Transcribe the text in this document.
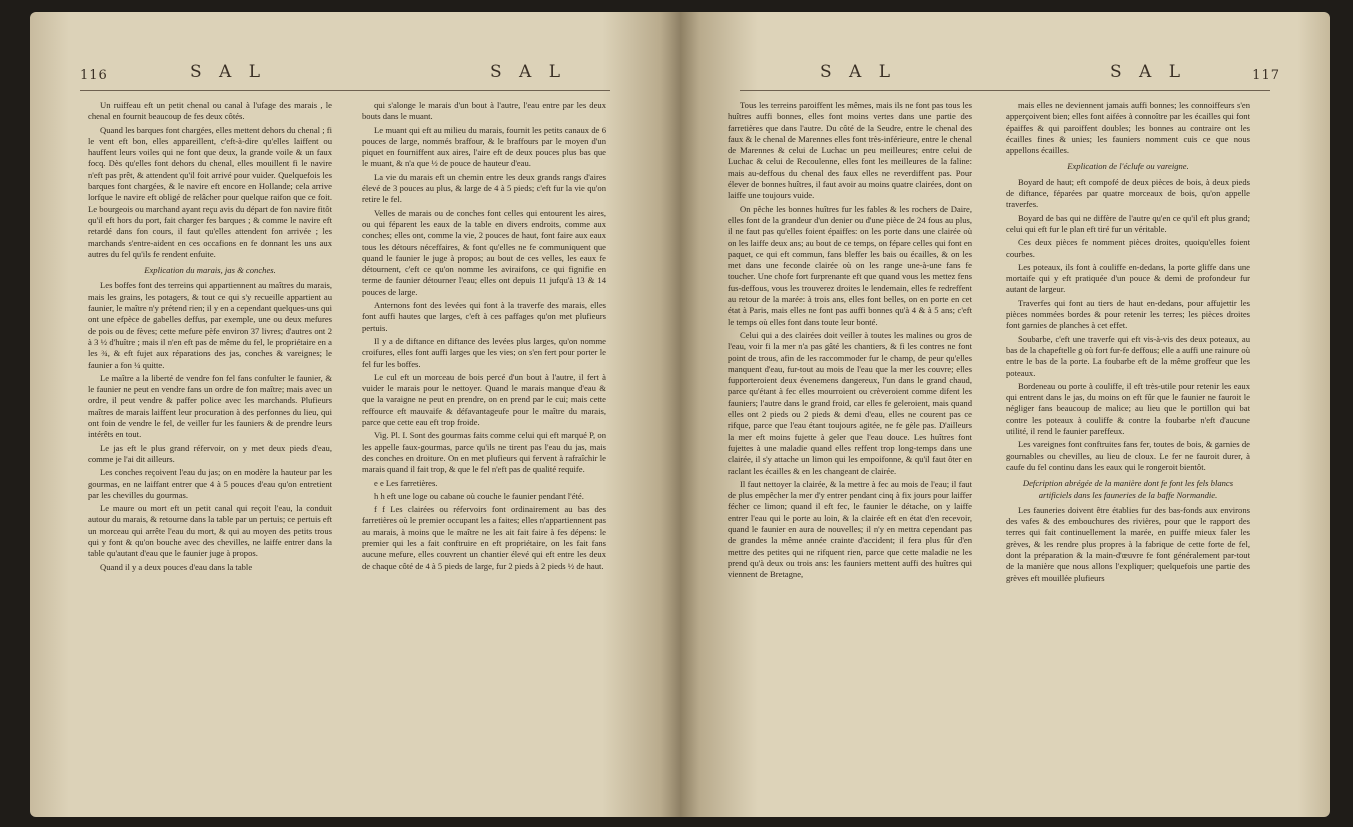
116	S A L	S A L

Un ruiffeau eft un petit chenal ou canal à l'ufage des marais , le chenal en fournit beaucoup de fes deux côtés.

Quand les barques font chargées, elles mettent dehors du chenal ; fi le vent eft bon, elles appareillent, c'eft-à-dire qu'elles laiffent ou hauffent leurs voiles qui ne font que deux, la grande voile & un faux focq. Dès qu'elles font dehors du chenal, elles mouillent fi le navire n'eft pas prêt, & attendent qu'il foit arrivé pour vuider. Quelquefois les barques font chargées, & le navire eft encore en Hollande; cela arrive lorfque le navire eft obligé de relâcher pour quelque raifon que ce foit. Le bourgeois ou marchand ayant reçu avis du départ de fon navire fitôt qu'il eft hors du port, fait charger fes barques ; & comme le navire eft retardé dans fon cours, il faut qu'elles attendent fon arrivée ; les marchands s'entre-aident en ces occafions en fe donnant les uns aux autres du fel qu'ils fe rendent enfuite.

Explication du marais, jas & conches.

Les boffes font des terreins qui appartiennent au maîtres du marais, mais les grains, les potagers, & tout ce qui s'y recueille appartient au faunier, le maître n'y prétend rien; il y en a cependant quelques-uns qui ont une efpèce de gabelles deffus, par exemple, une ou deux mefures de pois ou de fèves; cette mefure pèfe environ 37 livres; d'autres ont 2 à 3 ½ d'huître ; mais il n'en eft pas de même du fel, le propriétaire en a les ¾, & eft fujet aux réparations des jas, conches & vareignes; le faunier a fon ¼ quitte.

Le maître a la liberté de vendre fon fel fans confulter le faunier, & le faunier ne peut en vendre fans un ordre de fon maître; mais avec un ordre, il peut vendre & paffer police avec les marchands. Plufieurs maîtres de marais laiffent leur procuration à des perfonnes du lieu, qui ont foin de vendre le fel, de veiller fur les fauniers & de prendre leurs intérêts en tout.

Le jas eft le plus grand réfervoir, on y met deux pieds d'eau, comme je l'ai dit ailleurs.

Les conches reçoivent l'eau du jas; on en modère la hauteur par les gourmas, en ne laiffant entrer que 4 à 5 pouces d'eau qu'on entretient par les chevilles du gourmas.

Le maure ou mort eft un petit canal qui reçoit l'eau, la conduit autour du marais, & retourne dans la table par un pertuis; ce pertuis eft un morceau qui arrête l'eau du mort, & qui au moyen des petits trous qui y font & qu'on bouche avec des chevilles, ne laiffe entrer dans la table qu'autant d'eau que le faunier juge à propos.

Quand il y a deux pouces d'eau dans la table

qui s'alonge le marais d'un bout à l'autre, l'eau entre par les deux bouts dans le muant.

Le muant qui eft au milieu du marais, fournit les petits canaux de 6 pouces de large, nommés braffour, & le braffours par le moyen d'un piquet en fourniffent aux aires, l'aire eft de deux pouces plus bas que le muant, & n'a que ½ de pouce de hauteur d'eau.

La vie du marais eft un chemin entre les deux grands rangs d'aires élevé de 3 pouces au plus, & large de 4 à 5 pieds; c'eft fur la vie qu'on retire le fel.

Velles de marais ou de conches font celles qui entourent les aires, ou qui féparent les eaux de la table en divers endroits, comme aux conches; elles ont, comme la vie, 2 pouces de haut, font faire aux eaux tous les détours néceffaires, & font qu'elles ne fe communiquent que quand le faunier le juge à propos; au bout de ces velles, les eaux fe détournent, c'eft ce qu'on nomme les aviraifons, ce qui fignifie en terme de faunier détourner l'eau; elles ont depuis 11 jufqu'à 13 & 14 pouces de large.

Anternons font des levées qui font à la traverfe des marais, elles font auffi hautes que larges, c'eft à ces paffages qu'on met plufieurs pertuis.

Il y a de diftance en diftance des levées plus larges, qu'on nomme croifures, elles font auffi larges que les vies; on s'en fert pour porter le fel fur les boffes.

Le cul eft un morceau de bois percé d'un bout à l'autre, il fert à vuider le marais pour le nettoyer. Quand le marais manque d'eau & que la varaigne ne peut en prendre, on en prend par le cui; mais cette reffource eft mauvaife & défavantageufe pour le maître du marais, parce que cette eau eft trop froide.

Vig. Pl. I. Sont des gourmas faits comme celui qui eft marqué P, on les appelle faux-gourmas, parce qu'ils ne tirent pas l'eau du jas, mais des conches en droiture. On en met plufieurs qui fervent à rafraîchir le marais quand il fait trop, & que le fel n'eft pas de qualité requife.

e e Les farretières.

h h eft une loge ou cabane où couche le faunier pendant l'été.

f f Les clairées ou réfervoirs font ordinairement au bas des farretières où le premier occupant les a faites; elles n'appartiennent pas au marais, à moins que le maître ne les ait fait faire à fes dépens: le premier qui les a fait conftruire en eft propriétaire, on les fait fans aucune mefure, elles couvrent un chantier élevé qui eft entre les deux de chaque côté de 4 à 5 pieds de large, fur 2 pieds à 2 pieds ½ de haut.

S A L	S A L	117

Tous les terreins paroiffent les mêmes, mais ils ne font pas tous les huîtres auffi bonnes, elles font moins vertes dans une partie des farretières que dans l'autre. Du côté de la Seudre, entre le chenal des faux & le chenal de Marennes elles font très-inférieure, entre le chenal de Marennes & celui de Luchac un peu meilleures; entre celui de Luchac & celui de Recoulenne, elles font les meilleures de la faline: mais au-deffous du chenal des faux elles ne reverdiffent pas. Pour élever de bonnes huîtres, il faut avoir au moins quatre clairées, dont on laiffe une toujours vuide.

On pêche les bonnes huîtres fur les fables & les rochers de Daire, elles font de la grandeur d'un denier ou d'une pièce de 24 fous au plus, il ne faut pas qu'elles foient épaiffes: on les porte dans une clairée où on les laiffe deux ans; au bout de ce temps, on fépare celles qui font en paquet, ce qui eft commun, fans bleffer les bais ou écailles, & on les met dans une feconde clairée où on les range une-à-une fans fe toucher. Une chofe fort furprenante eft que quand vous les mettez fens fus-deffous, vous les trouverez droites le lendemain, elles fe redreffent au retour de la marée: à trois ans, elles font belles, on en porte en cet état à Paris, mais elles ne font pas auffi bonnes qu'à 4 & à 5 ans; c'eft le temps où elles font dans toute leur bonté.

Celui qui a des clairées doit veiller à toutes les malines ou gros de l'eau, voir fi la mer n'a pas gâté les chantiers, & fi les contres ne font point de trous, afin de les raccommoder fur le champ, de peur qu'elles manquent d'eau, fur-tout au mois de l'eau que la mer les couvre; elles fupporteroient deux évenemens dangereux, l'un dans le grand chaud, parce qu'étant à fec elles mourroient ou crèveroient comme difent les fauniers; l'autre dans le grand froid, car elles fe geleroient, mais quand elles ont 2 pieds ou 2 pieds & demi d'eau, elles ne courent pas ce rifque, parce que l'eau étant toujours agitée, ne fe gèle pas. D'ailleurs la mer eft moins fujette à geler que l'eau douce. Les huîtres font fujettes à une maladie quand elles reffent trop long-temps dans une clairée, il s'y attache un limon qui les empoifonne, & qu'il faut ôter en raclant les écailles & en les changeant de clairée.

Il faut nettoyer la clairée, & la mettre à fec au mois de l'eau; il faut de plus empêcher la mer d'y entrer pendant cinq à fix jours pour laiffer fécher ce limon; quand il eft fec, le faunier le détache, on y laiffe entrer l'eau qui le porte au loin, & la clairée eft en état d'en recevoir, quand le faunier en aura de nouvelles; il n'y en mettra cependant pas de grandes la même année crainte d'accident; il fera plus fûr d'en mettre des petites qui ne rifquent rien, parce que cette maladie ne les prend qu'à deux ou trois ans: les fauniers mettent auffi des huîtres qui viennent de Bretagne,

mais elles ne deviennent jamais auffi bonnes; les connoiffeurs s'en apperçoivent bien; elles font aifées à connoître par les écailles qui font épaiffes & qui paroiffent doubles; les bonnes au contraire ont les écailles fines & unies; les fauniers nomment cuis ce que nous appellons écailles.

Explication de l'éclufe ou vareigne.

Boyard de haut; eft compofé de deux pièces de bois, à deux pieds de diftance, féparées par quatre morceaux de bois, qu'on appelle traverfes.

Boyard de bas qui ne diffère de l'autre qu'en ce qu'il eft plus grand; celui qui eft fur le plan eft tiré fur un véritable.

Ces deux pièces fe nomment pièces droites, quoiqu'elles foient courbes.

Les poteaux, ils font à couliffe en-dedans, la porte gliffe dans une mortaife qui y eft pratiquée d'un pouce & demi de profondeur fur autant de largeur.

Traverfes qui font au tiers de haut en-dedans, pour affujettir les pièces nommées bordes & pour retenir les terres; les pièces droites font garnies de planches à cet effet.

Soubarbe, c'eft une traverfe qui eft vis-à-vis des deux poteaux, au bas de la chapeftelle g où fort fur-fe deffous; elle a auffi une rainure où entre le bas de la porte. La foubarbe eft de la même groffeur que les poteaux.

Bordeneau ou porte à couliffe, il eft très-utile pour retenir les eaux qui entrent dans le jas, du moins on eft fûr que le faunier ne fauroit le négliger fans beaucoup de malice; au lieu que le portillon qui bat contre les poteaux à couliffe & contre la foubarbe n'eft d'aucune utilité, il rend le faunier pareffeux.

Les vareignes font conftruites fans fer, toutes de bois, & garnies de gournables ou chevilles, au lieu de cloux. Le fer ne fauroit durer, à caufe du fel continu dans les eaux qui le rongeroit bientôt.

Defcription abrégée de la manière dont fe font les fels blancs artificiels dans les fauneries de la baffe Normandie.

Les fauneries doivent être établies fur des bas-fonds aux environs des vafes & des embouchures des rivières, pour que le rapport des terres qui fait continuellement la marée, en puiffe mieux faler les grèves, & les rendre plus propres à la fabrique de cette forte de fel, dont la préparation & la main-d'œuvre fe font généralement par-tout de la manière que nous allons l'expliquer; quelquefois une partie des grèves eft mouillée plufieurs
